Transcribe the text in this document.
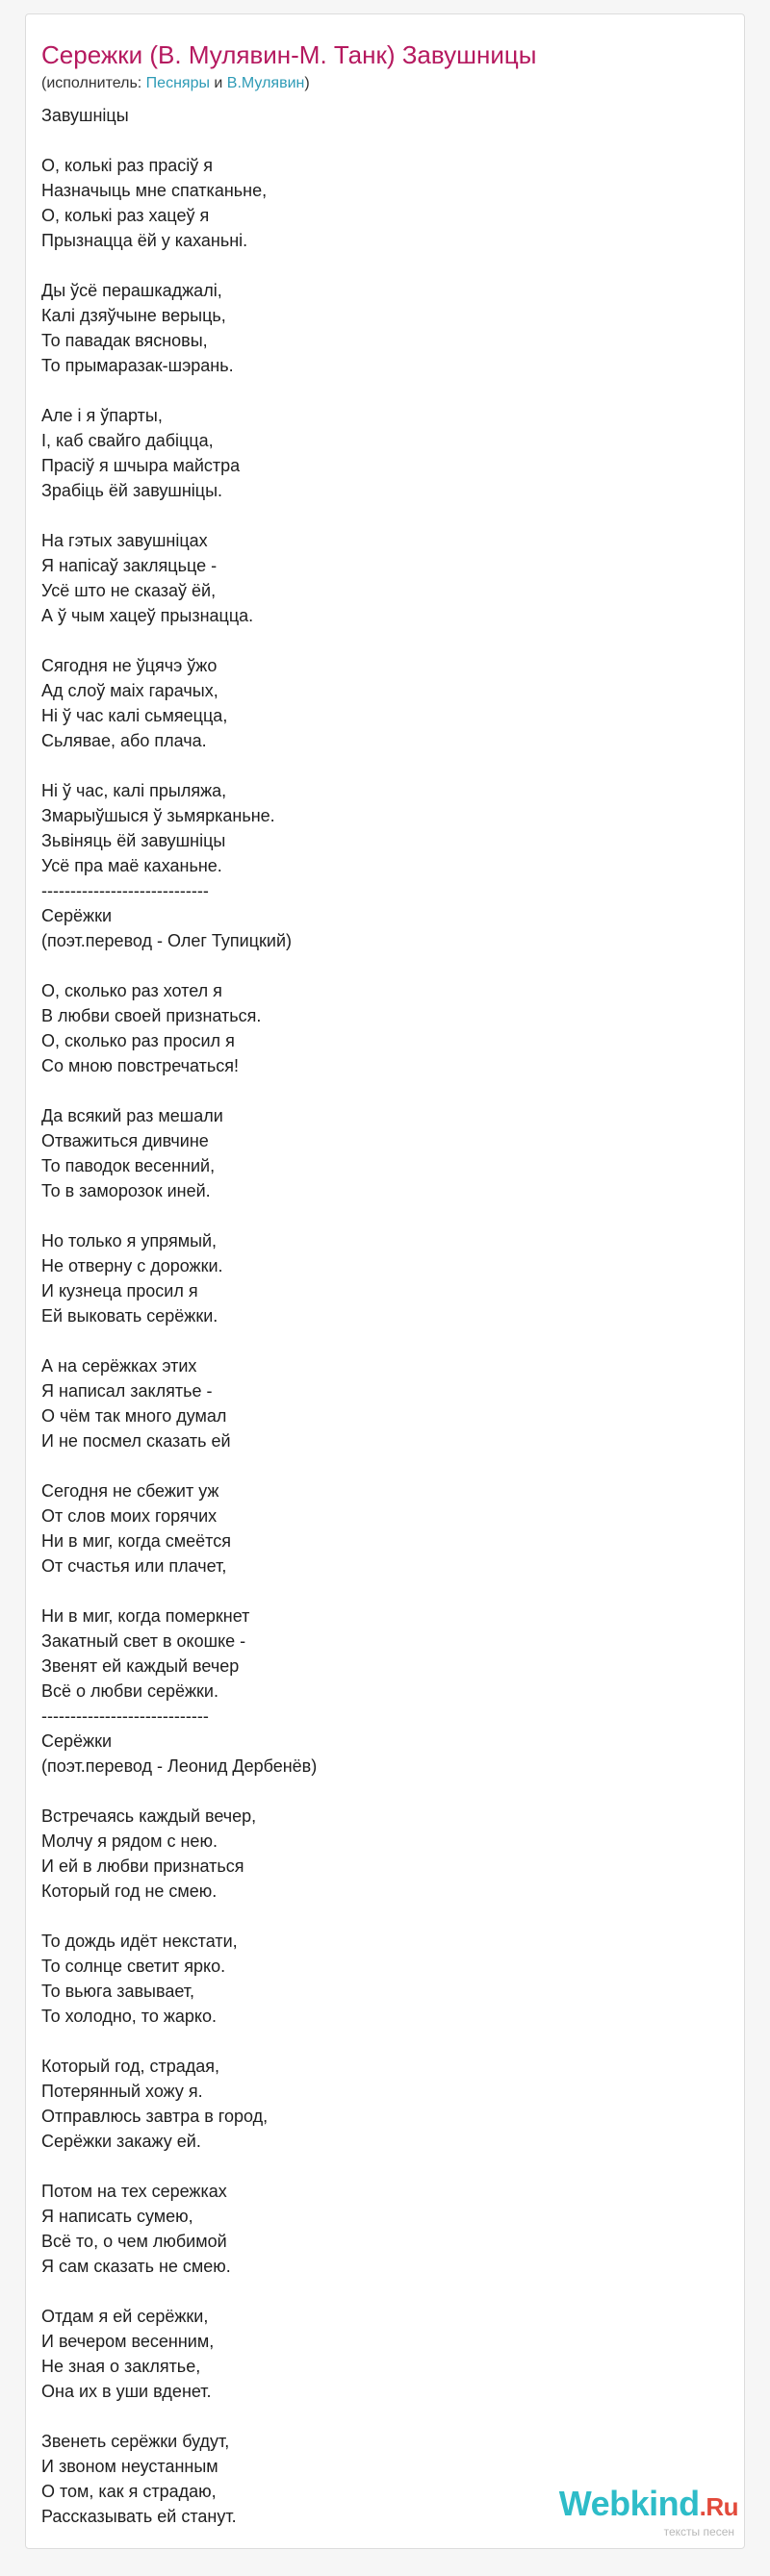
Сережки (В. Мулявин-М. Танк) Завушницы
(исполнитель: Песняры и В.Мулявин)
Завушніцы
О, колькі раз прасіў я
Назначыць мне спатканьне,
О, колькі раз хацеў я
Прызнацца ёй у каханьні.
Ды ўсё перашкаджалі,
Калі дзяўчыне верыць,
То павадак вясновы,
То прымаразак-шэрань.
Але і я ўпарты,
І, каб свайго дабіцца,
Прасіў я шчыра майстра
Зрабіць ёй завушніцы.
На гэтых завушніцах
Я напісаў закляцьце -
Усё што не сказаў ёй,
А ў чым хацеў прызнацца.
Сягодня не ўцячэ ўжо
Ад слоў маіх гарачых,
Ні ў час калі сьмяецца,
Сьлявае, або плача.
Ні ў час, калі прыляжа,
Змарыўшыся ў зьмярканьне.
Зьвіняць ёй завушніцы
Усё пра маё каханьне.
-----------------------------
Серёжки
(поэт.перевод - Олег Тупицкий)
О, сколько раз хотел я
В любви своей признаться.
О, сколько раз просил я
Со мною повстречаться!
Да всякий раз мешали
Отважиться дивчине
То паводок весенний,
То в заморозок иней.
Но только я упрямый,
Не отверну с дорожки.
И кузнеца просил я
Ей выковать серёжки.
А на серёжках этих
Я написал заклятье -
О чём так много думал
И не посмел сказать ей
Сегодня не сбежит уж
От слов моих горячих
Ни в миг, когда смеётся
От счастья или плачет,
Ни в миг, когда померкнет
Закатный свет в окошке -
Звенят ей каждый вечер
Всё о любви серёжки.
-----------------------------
Серёжки
(поэт.перевод - Леонид Дербенёв)
Встречаясь каждый вечер,
Молчу я рядом с нею.
И ей в любви признаться
Который год не смею.
То дождь идёт некстати,
То солнце светит ярко.
То вьюга завывает,
То холодно, то жарко.
Который год, страдая,
Потерянный хожу я.
Отправлюсь завтра в город,
Серёжки закажу ей.
Потом на тех сережках
Я написать сумею,
Всё то, о чем любимой
Я сам сказать не смею.
Отдам я ей серёжки,
И вечером весенним,
Не зная о заклятье,
Она их в уши вденет.
Звенеть серёжки будут,
И звоном неустанным
О том, как я страдаю,
Рассказывать ей станут.	Webkind.Ru
тексты песен
